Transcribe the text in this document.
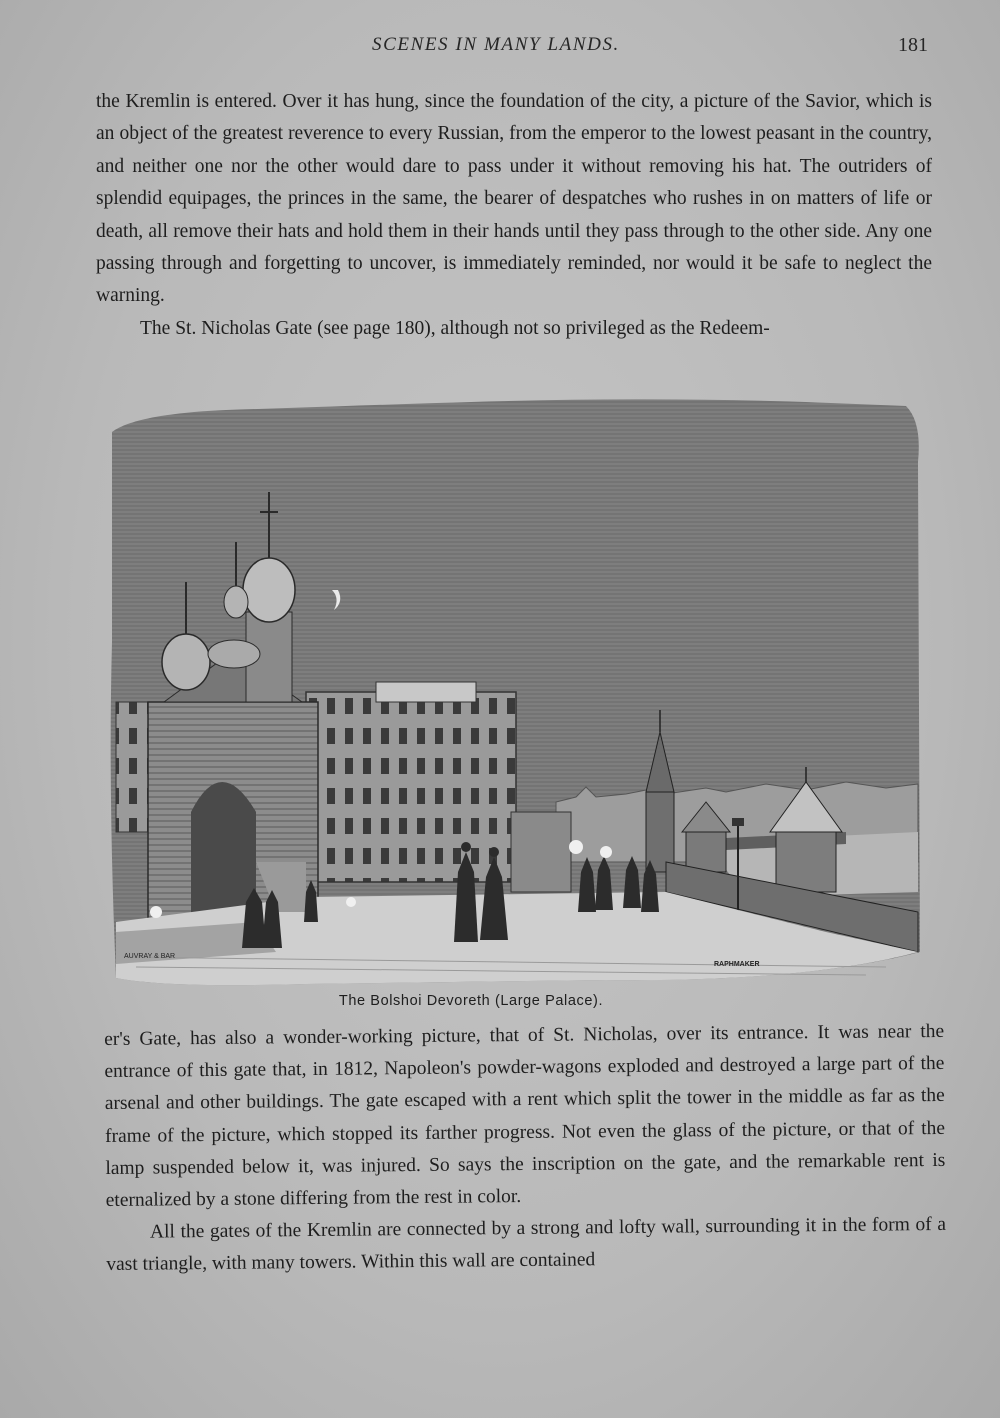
SCENES IN MANY LANDS.	181

the Kremlin is entered. Over it has hung, since the foundation of the city, a picture of the Savior, which is an object of the greatest reverence to every Russian, from the emperor to the lowest peasant in the country, and neither one nor the other would dare to pass under it without removing his hat. The outriders of splendid equipages, the princes in the same, the bearer of despatches who rushes in on matters of life or death, all remove their hats and hold them in their hands until they pass through to the other side. Any one passing through and forgetting to uncover, is immediately reminded, nor would it be safe to neglect the warning.

The St. Nicholas Gate (see page 180), although not so privileged as the Redeem-

AUVRAY & BAR
RAPHMAKER
The Bolshoi Devoreth (Large Palace).

er's Gate, has also a wonder-working picture, that of St. Nicholas, over its entrance. It was near the entrance of this gate that, in 1812, Napoleon's powder-wagons exploded and destroyed a large part of the arsenal and other buildings. The gate escaped with a rent which split the tower in the middle as far as the frame of the picture, which stopped its farther progress. Not even the glass of the picture, or that of the lamp suspended below it, was injured. So says the inscription on the gate, and the remarkable rent is eternalized by a stone differing from the rest in color.

All the gates of the Kremlin are connected by a strong and lofty wall, surrounding it in the form of a vast triangle, with many towers. Within this wall are contained
